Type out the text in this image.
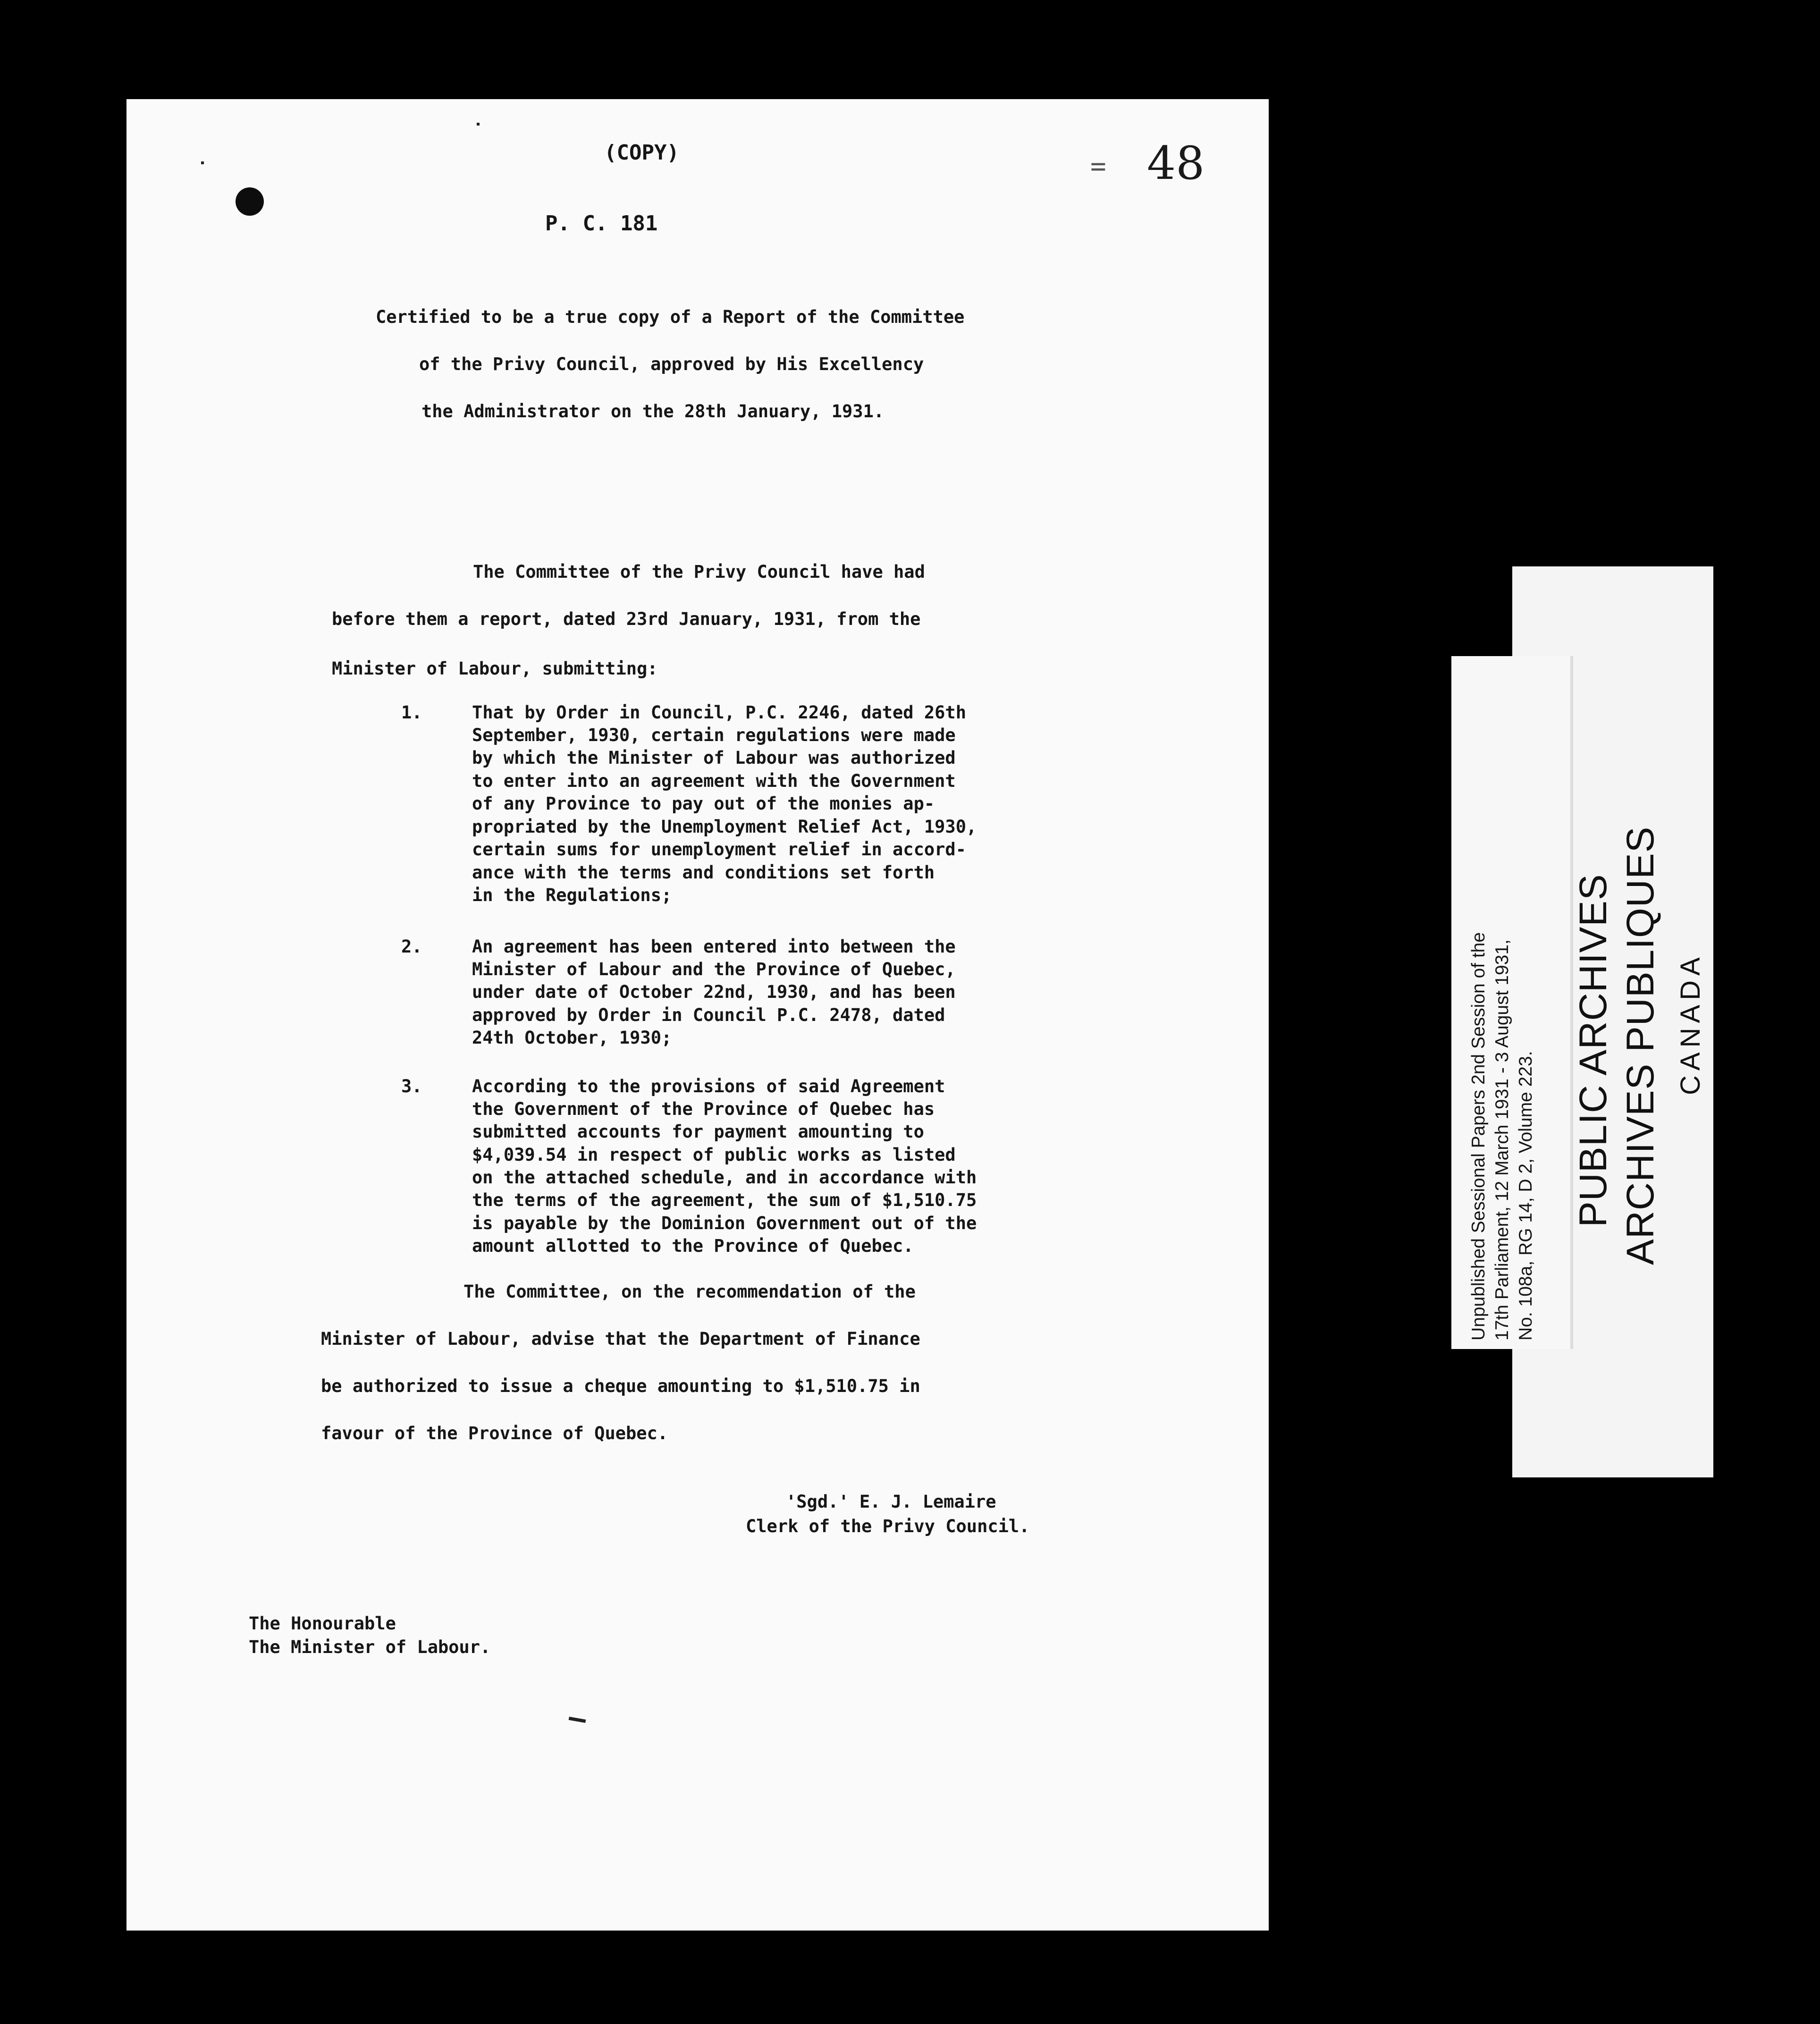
(COPY)	= 48
P. C. 181
Certified to be a true copy of a Report of the Committee
of the Privy Council, approved by His Excellency
the Administrator on the 28th January, 1931.
The Committee of the Privy Council have had
before them a report, dated 23rd January, 1931, from the
Minister of Labour, submitting:
1.	That by Order in Council, P.C. 2246, dated 26th
September, 1930, certain regulations were made
by which the Minister of Labour was authorized
to enter into an agreement with the Government
of any Province to pay out of the monies ap-
propriated by the Unemployment Relief Act, 1930,
certain sums for unemployment relief in accord-
ance with the terms and conditions set forth
in the Regulations;
2.	An agreement has been entered into between the
Minister of Labour and the Province of Quebec,
under date of October 22nd, 1930, and has been
approved by Order in Council P.C. 2478, dated
24th October, 1930;
3.	According to the provisions of said Agreement
the Government of the Province of Quebec has
submitted accounts for payment amounting to
$4,039.54 in respect of public works as listed
on the attached schedule, and in accordance with
the terms of the agreement, the sum of $1,510.75
is payable by the Dominion Government out of the
amount allotted to the Province of Quebec.
The Committee, on the recommendation of the
Minister of Labour, advise that the Department of Finance
be authorized to issue a cheque amounting to $1,510.75 in
favour of the Province of Quebec.
'Sgd.' E. J. Lemaire
Clerk of the Privy Council.
The Honourable
The Minister of Labour.
Unpublished Sessional Papers 2nd Session of the 17th Parliament, 12 March 1931 - 3 August 1931, No. 108a, RG 14, D 2, Volume 223. PUBLIC ARCHIVES ARCHIVES PUBLIQUES CANADA
